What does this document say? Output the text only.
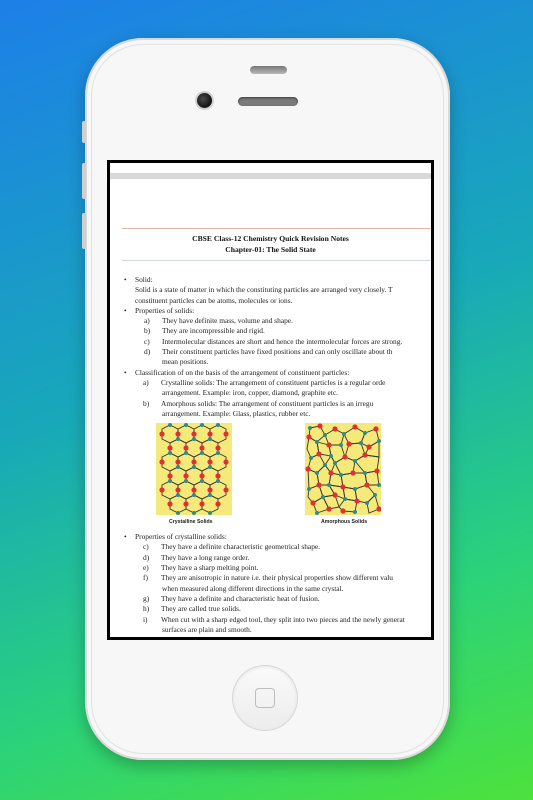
CBSE Class-12 Chemistry Quick Revision Notes
Chapter-01: The Solid State

• Solid:

Solid is a state of matter in which the constituting particles are arranged very closely. T

constituent particles can be atoms, molecules or ions.

• Properties of solids:

a)	They have definite mass, volume and shape.
b)	They are incompressible and rigid.
c)	Intermolecular distances are short and hence the intermolecular forces are strong.
d)	Their constituent particles have fixed positions and can only oscillate about th

mean positions.

• Classification of on the basis of the arrangement of constituent particles:

a)	Crystalline solids: The arrangement of constituent particles is a regular orde

arrangement. Example: iron, copper, diamond, graphite etc.

b)	Amorphous solids: The arrangement of constituent particles is an irregu

arrangement. Example: Glass, plastics, rubber etc.

Crystalline Solids	Amorphous Solids

• Properties of crystalline solids:

c)	They have a definite characteristic geometrical shape.
d)	They have a long range order.
e)	They have a sharp melting point.
f)	They are anisotropic in nature i.e. their physical properties show different valu

when measured along different directions in the same crystal.

g)	They have a definite and characteristic heat of fusion.
h)	They are called true solids.
i)	When cut with a sharp edged tool, they split into two pieces and the newly generat

surfaces are plain and smooth.
